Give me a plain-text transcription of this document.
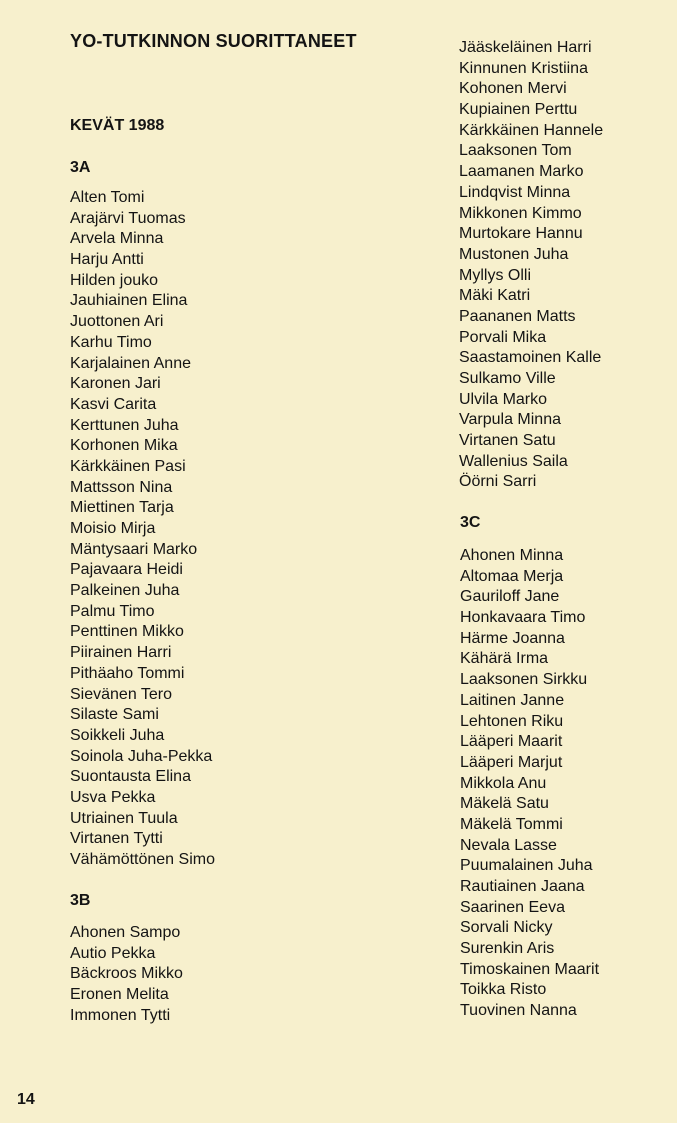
YO-TUTKINNON SUORITTANEET
KEVÄT 1988
3A
Alten Tomi
Arajärvi Tuomas
Arvela Minna
Harju Antti
Hilden jouko
Jauhiainen Elina
Juottonen Ari
Karhu Timo
Karjalainen Anne
Karonen Jari
Kasvi Carita
Kerttunen Juha
Korhonen Mika
Kärkkäinen Pasi
Mattsson Nina
Miettinen Tarja
Moisio Mirja
Mäntysaari Marko
Pajavaara Heidi
Palkeinen Juha
Palmu Timo
Penttinen Mikko
Piirainen Harri
Pithäaho Tommi
Sievänen Tero
Silaste Sami
Soikkeli Juha
Soinola Juha-Pekka
Suontausta Elina
Usva Pekka
Utriainen Tuula
Virtanen Tytti
Vähämöttönen Simo
3B
Ahonen Sampo
Autio Pekka
Bäckroos Mikko
Eronen Melita
Immonen Tytti
Jääskeläinen Harri
Kinnunen Kristiina
Kohonen Mervi
Kupiainen Perttu
Kärkkäinen Hannele
Laaksonen Tom
Laamanen Marko
Lindqvist Minna
Mikkonen Kimmo
Murtokare Hannu
Mustonen Juha
Myllys Olli
Mäki Katri
Paananen Matts
Porvali Mika
Saastamoinen Kalle
Sulkamo Ville
Ulvila Marko
Varpula Minna
Virtanen Satu
Wallenius Saila
Öörni Sarri
3C
Ahonen Minna
Altomaa Merja
Gauriloff Jane
Honkavaara Timo
Härme Joanna
Kähärä Irma
Laaksonen Sirkku
Laitinen Janne
Lehtonen Riku
Lääperi Maarit
Lääperi Marjut
Mikkola Anu
Mäkelä Satu
Mäkelä Tommi
Nevala Lasse
Puumalainen Juha
Rautiainen Jaana
Saarinen Eeva
Sorvali Nicky
Surenkin Aris
Timoskainen Maarit
Toikka Risto
Tuovinen Nanna
14
